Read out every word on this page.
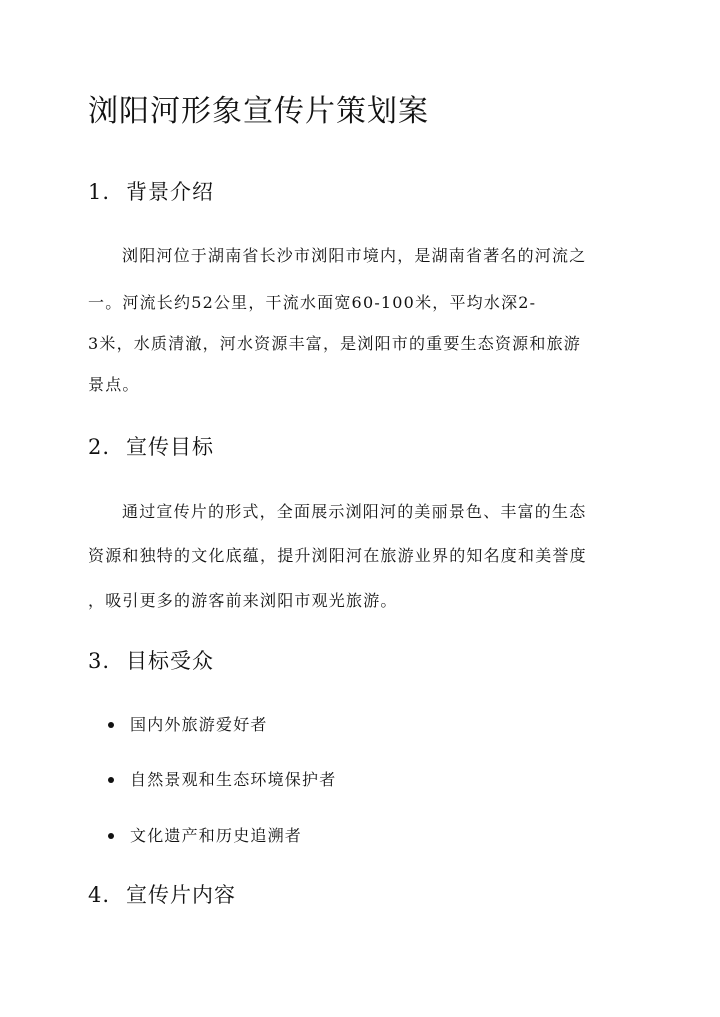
浏阳河形象宣传片策划案
1. 背景介绍
浏阳河位于湖南省长沙市浏阳市境内，是湖南省著名的河流之
一。河流长约52公里，干流水面宽60-100米，平均水深2-
3米，水质清澈，河水资源丰富，是浏阳市的重要生态资源和旅游
景点。
2. 宣传目标
通过宣传片的形式，全面展示浏阳河的美丽景色、丰富的生态
资源和独特的文化底蕴，提升浏阳河在旅游业界的知名度和美誉度
，吸引更多的游客前来浏阳市观光旅游。
3. 目标受众
国内外旅游爱好者
自然景观和生态环境保护者
文化遗产和历史追溯者
4. 宣传片内容
